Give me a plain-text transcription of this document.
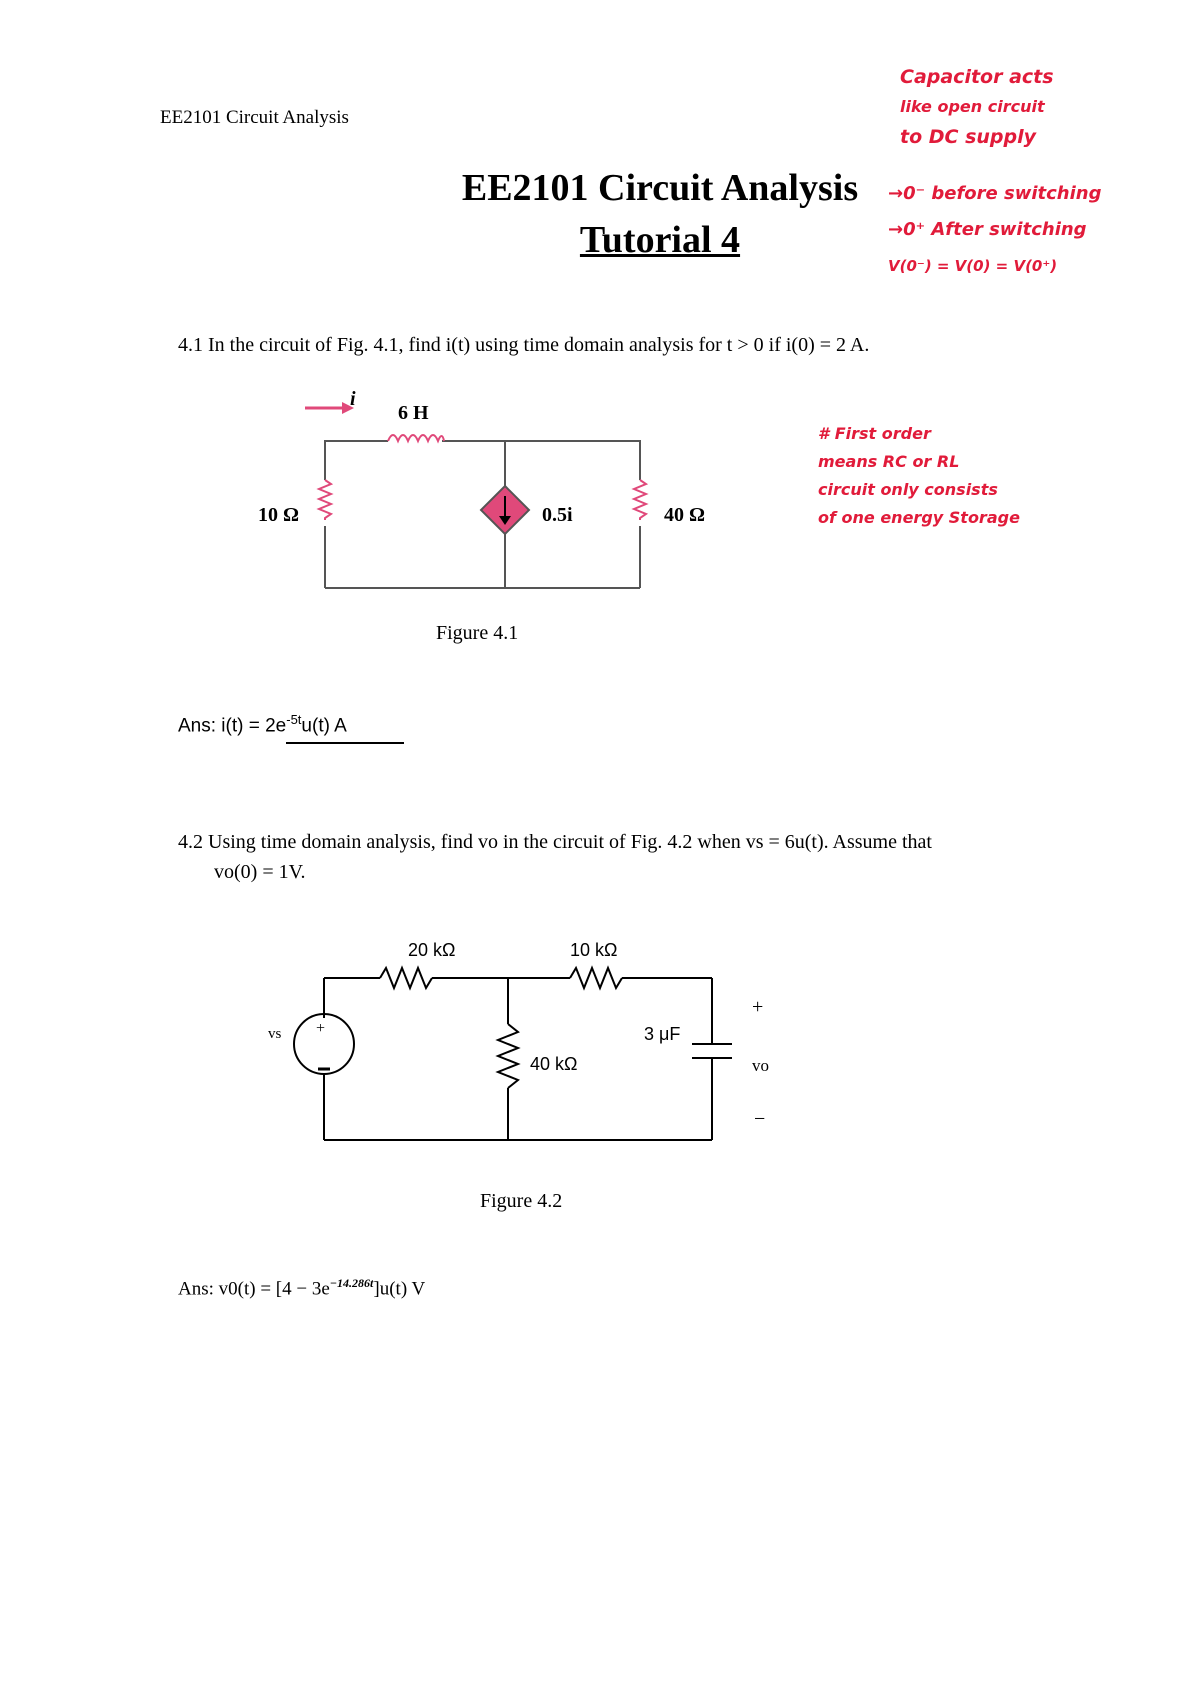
EE2101 Circuit Analysis
EE2101 Circuit Analysis
Tutorial 4
Capacitor acts
like open circuit
to DC supply
→0⁻ before switching
→0⁺ After switching
V(0⁻) = V(0) = V(0⁺)
4.1 In the circuit of Fig. 4.1, find i(t) using time domain analysis for t > 0 if i(0) = 2 A.
i
6 H
10 Ω	0.5i	40 Ω
Figure 4.1
# First order
means RC or RL
circuit only consists
of one energy Storage
Ans: $i(t) = 2e^{-5t}u(t)$ A
4.2 Using time domain analysis, find vo in the circuit of Fig. 4.2 when vs = 6u(t). Assume that
vo(0) = 1V.
20 kΩ	10 kΩ
40 kΩ
3 μF
vs +
+
vo
−
Figure 4.2
Ans: $v0(t) = [4 - 3e^{-14.286t}]u(t)$ V
